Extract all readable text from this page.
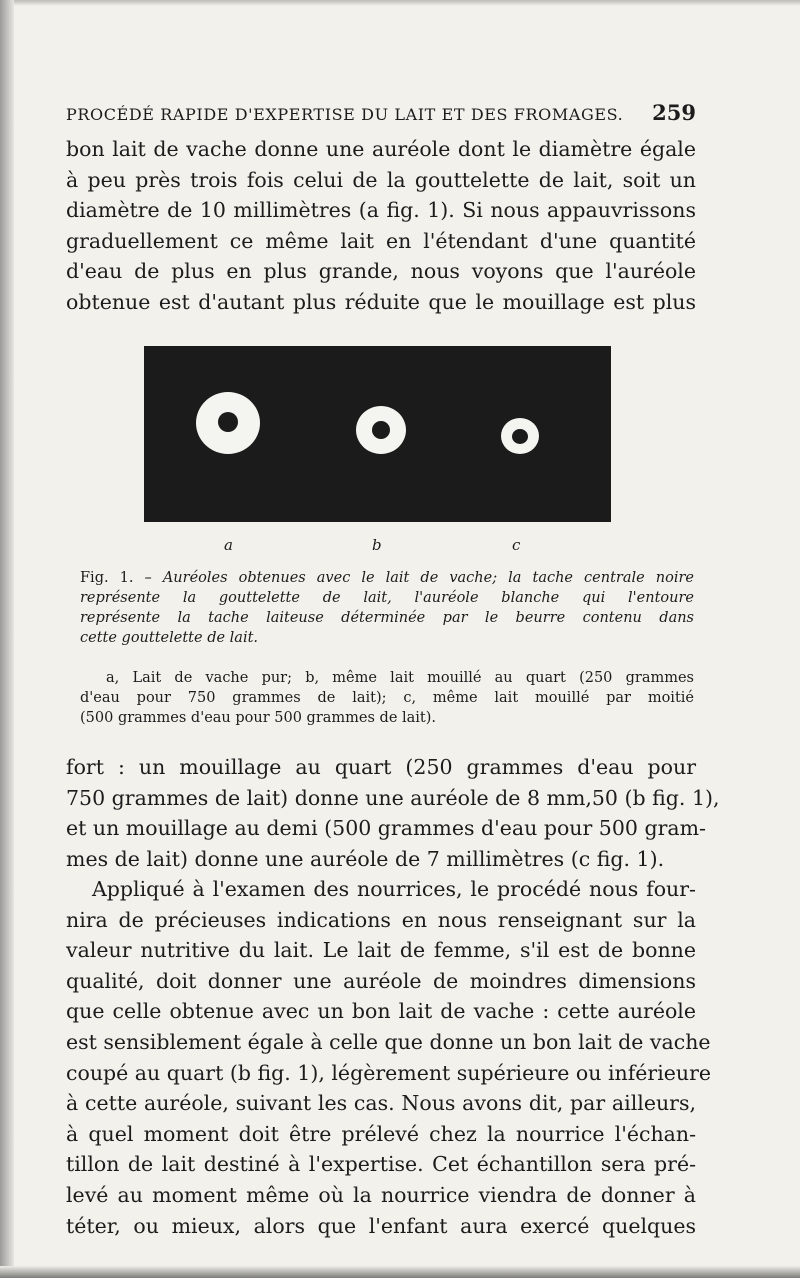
PROCÉDÉ RAPIDE D'EXPERTISE DU LAIT ET DES FROMAGES. 259

bon lait de vache donne une auréole dont le diamètre égale
à peu près trois fois celui de la gouttelette de lait, soit un
diamètre de 10 millimètres (a fig. 1). Si nous appauvrissons
graduellement ce même lait en l'étendant d'une quantité
d'eau de plus en plus grande, nous voyons que l'auréole
obtenue est d'autant plus réduite que le mouillage est plus

a	b	c
Fig. 1. – Auréoles obtenues avec le lait de vache; la tache centrale noire
représente la gouttelette de lait, l'auréole blanche qui l'entoure
représente la tache laiteuse déterminée par le beurre contenu dans
cette gouttelette de lait.
a, Lait de vache pur; b, même lait mouillé au quart (250 grammes
d'eau pour 750 grammes de lait); c, même lait mouillé par moitié
(500 grammes d'eau pour 500 grammes de lait).

fort : un mouillage au quart (250 grammes d'eau pour
750 grammes de lait) donne une auréole de 8 mm,50 (b fig. 1),
et un mouillage au demi (500 grammes d'eau pour 500 gram-
mes de lait) donne une auréole de 7 millimètres (c fig. 1).

Appliqué à l'examen des nourrices, le procédé nous four-
nira de précieuses indications en nous renseignant sur la
valeur nutritive du lait. Le lait de femme, s'il est de bonne
qualité, doit donner une auréole de moindres dimensions
que celle obtenue avec un bon lait de vache : cette auréole
est sensiblement égale à celle que donne un bon lait de vache
coupé au quart (b fig. 1), légèrement supérieure ou inférieure
à cette auréole, suivant les cas. Nous avons dit, par ailleurs,
à quel moment doit être prélevé chez la nourrice l'échan-
tillon de lait destiné à l'expertise. Cet échantillon sera pré-
levé au moment même où la nourrice viendra de donner à
téter, ou mieux, alors que l'enfant aura exercé quelques
